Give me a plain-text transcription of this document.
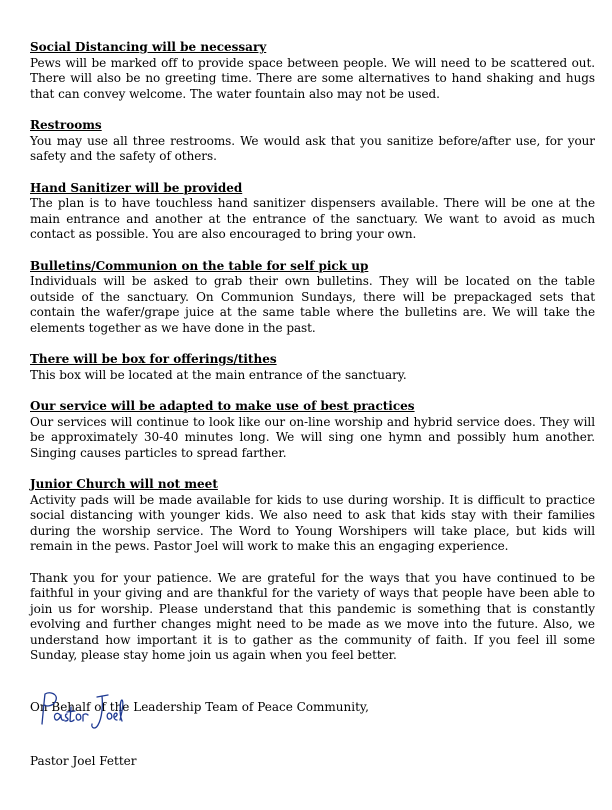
Social Distancing will be necessary
Pews will be marked off to provide space between people. We will need to be scattered out. There will also be no greeting time. There are some alternatives to hand shaking and hugs that can convey welcome. The water fountain also may not be used.
Restrooms
You may use all three restrooms. We would ask that you sanitize before/after use, for your safety and the safety of others.
Hand Sanitizer will be provided
The plan is to have touchless hand sanitizer dispensers available. There will be one at the main entrance and another at the entrance of the sanctuary. We want to avoid as much contact as possible. You are also encouraged to bring your own.
Bulletins/Communion on the table for self pick up
Individuals will be asked to grab their own bulletins. They will be located on the table outside of the sanctuary. On Communion Sundays, there will be prepackaged sets that contain the wafer/grape juice at the same table where the bulletins are. We will take the elements together as we have done in the past.
There will be box for offerings/tithes
This box will be located at the main entrance of the sanctuary.
Our service will be adapted to make use of best practices
Our services will continue to look like our on-line worship and hybrid service does. They will be approximately 30-40 minutes long. We will sing one hymn and possibly hum another. Singing causes particles to spread farther.
Junior Church will not meet
Activity pads will be made available for kids to use during worship. It is difficult to practice social distancing with younger kids. We also need to ask that kids stay with their families during the worship service. The Word to Young Worshipers will take place, but kids will remain in the pews. Pastor Joel will work to make this an engaging experience.
Thank you for your patience. We are grateful for the ways that you have continued to be faithful in your giving and are thankful for the variety of ways that people have been able to join us for worship. Please understand that this pandemic is something that is constantly evolving and further changes might need to be made as we move into the future. Also, we understand how important it is to gather as the community of faith. If you feel ill some Sunday, please stay home join us again when you feel better.
On Behalf of the Leadership Team of Peace Community,
Pastor Joel Fetter
